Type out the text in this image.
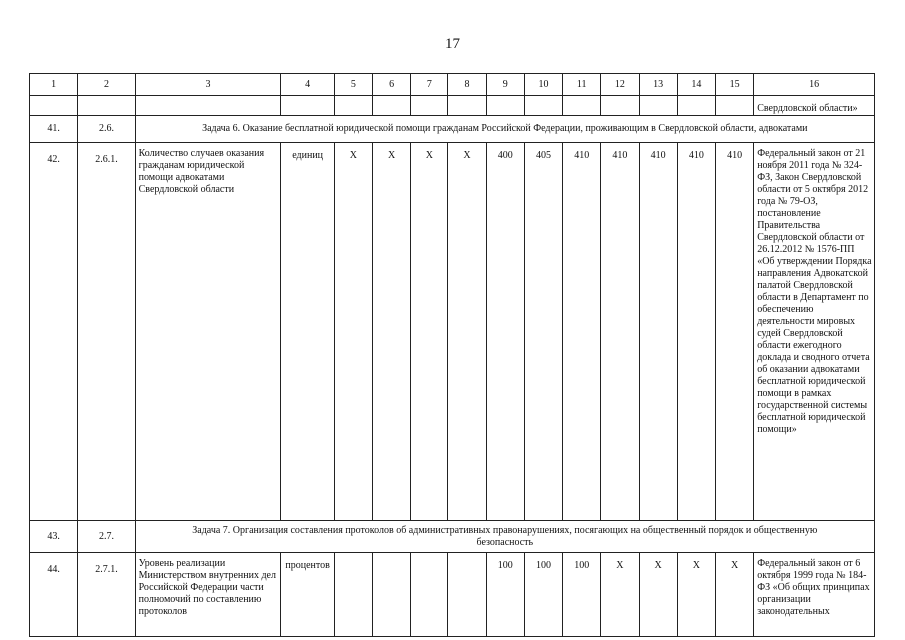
17
1	2	3	4	5	6	7	8	9	10	11	12	13	14	15	16
															Свердловской области»
41.	2.6.	Задача 6. Оказание бесплатной юридической помощи гражданам Российской Федерации, проживающим в Свердловской области, адвокатами													
42.	2.6.1.	Количество случаев оказания гражданам юридической помощи адвокатами Свердловской области	единиц	Х	Х	Х	Х	400	405	410	410	410	410	410	Федеральный закон от 21 ноября 2011 года № 324-ФЗ, Закон Свердловской области от 5 октября 2012 года № 79-ОЗ, постановление Правительства Свердловской области от 26.12.2012 № 1576-ПП «Об утверждении Порядка направления Адвокатской палатой Свердловской области в Департамент по обеспечению деятельности мировых судей Свердловской области ежегодного доклада и сводного отчета об оказании адвокатами бесплатной юридической помощи в рамках государственной системы бесплатной юридической помощи»
43.	2.7.	Задача 7. Организация составления протоколов об административных правонарушениях, посягающих на общественный порядок и общественную безопасность													
44.	2.7.1.	Уровень реализации Министерством внутренних дел Российской Федерации части полномочий по составлению протоколов	процентов					100	100	100	Х	Х	Х	Х	Федеральный закон от 6 октября 1999 года № 184-ФЗ «Об общих принципах организации законодательных
